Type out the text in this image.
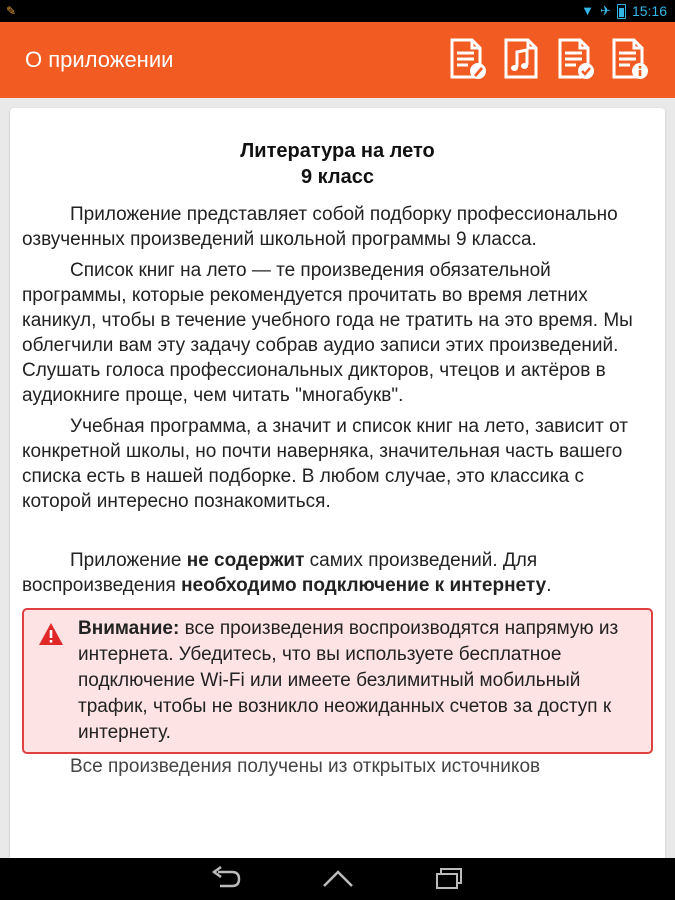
✎	▼ ✈ 15:16
О приложении
Литература на лето
9 класс

Приложение представляет собой подборку профессионально озвученных произведений школьной программы 9 класса.

Список книг на лето — те произведения обязательной программы, которые рекомендуется прочитать во время летних каникул, чтобы в течение учебного года не тратить на это время. Мы облегчили вам эту задачу собрав аудио записи этих произведений. Слушать голоса профессиональных дикторов, чтецов и актёров в аудиокниге проще, чем читать "многабукв".

Учебная программа, а значит и список книг на лето, зависит от конкретной школы, но почти наверняка, значительная часть вашего списка есть в нашей подборке. В любом случае, это классика с которой интересно познакомиться.

Приложение не содержит самих произведений. Для воспроизведения необходимо подключение к интернету.

Внимание: все произведения воспроизводятся напрямую из интернета. Убедитесь, что вы используете бесплатное подключение Wi-Fi или имеете безлимитный мобильный трафик, чтобы не возникло неожиданных счетов за доступ к интернету.

Все произведения получены из открытых источников
